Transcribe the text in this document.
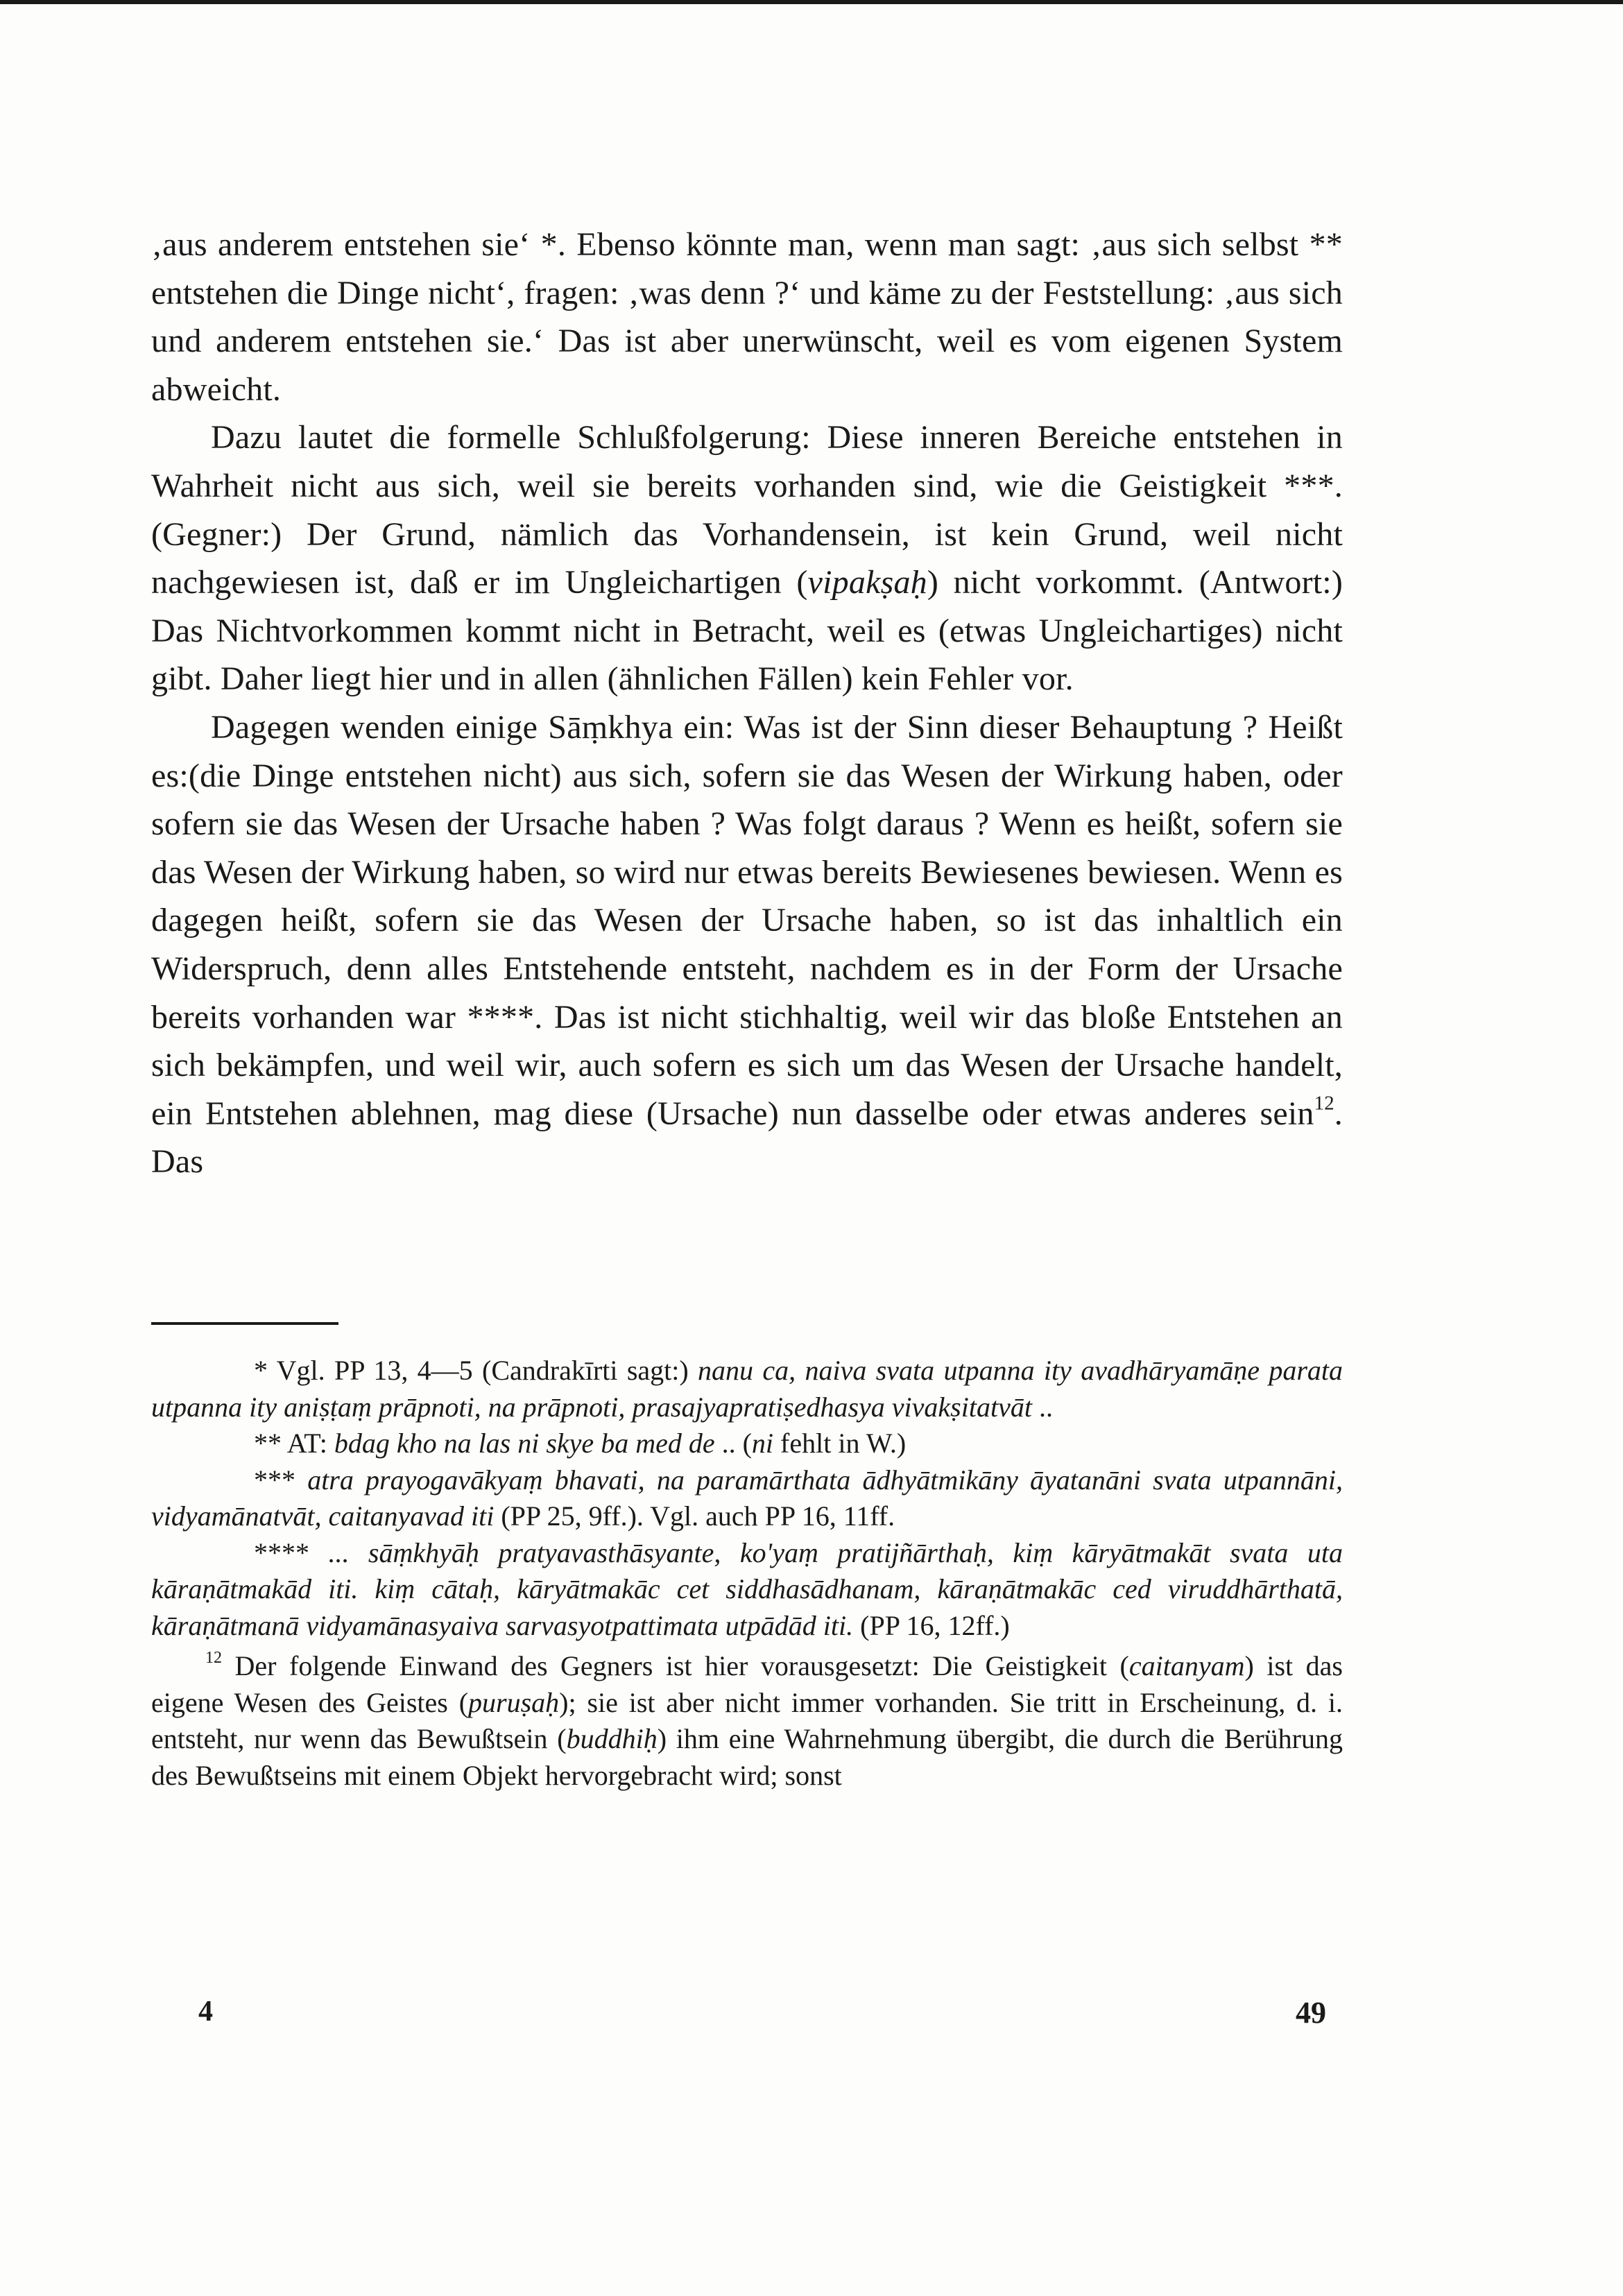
‚aus anderem entstehen sie‘ *. Ebenso könnte man, wenn man sagt: ‚aus sich selbst ** entstehen die Dinge nicht‘, fragen: ‚was denn ?‘ und käme zu der Feststellung: ‚aus sich und anderem entstehen sie.‘ Das ist aber unerwünscht, weil es vom eigenen System abweicht.

Dazu lautet die formelle Schlußfolgerung: Diese inneren Bereiche entstehen in Wahrheit nicht aus sich, weil sie bereits vorhanden sind, wie die Geistigkeit ***. (Gegner:) Der Grund, nämlich das Vorhandensein, ist kein Grund, weil nicht nachgewiesen ist, daß er im Ungleichartigen (vipakṣaḥ) nicht vorkommt. (Antwort:) Das Nichtvorkommen kommt nicht in Betracht, weil es (etwas Ungleichartiges) nicht gibt. Daher liegt hier und in allen (ähnlichen Fällen) kein Fehler vor.

Dagegen wenden einige Sāṃkhya ein: Was ist der Sinn dieser Behauptung ? Heißt es:(die Dinge entstehen nicht) aus sich, sofern sie das Wesen der Wirkung haben, oder sofern sie das Wesen der Ursache haben ? Was folgt daraus ? Wenn es heißt, sofern sie das Wesen der Wirkung haben, so wird nur etwas bereits Bewiesenes bewiesen. Wenn es dagegen heißt, sofern sie das Wesen der Ursache haben, so ist das inhaltlich ein Widerspruch, denn alles Entstehende entsteht, nachdem es in der Form der Ursache bereits vorhanden war ****. Das ist nicht stichhaltig, weil wir das bloße Entstehen an sich bekämpfen, und weil wir, auch sofern es sich um das Wesen der Ursache handelt, ein Entstehen ablehnen, mag diese (Ursache) nun dasselbe oder etwas anderes sein$^{12}$. Das

* Vgl. PP 13, 4—5 (Candrakīrti sagt:) nanu ca, naiva svata utpanna ity avadhāryamāṇe parata utpanna ity aniṣṭaṃ prāpnoti, na prāpnoti, prasajyapratiṣedhasya vivakṣitatvāt ..

** AT: bdag kho na las ni skye ba med de .. (ni fehlt in W.)

*** atra prayogavākyaṃ bhavati, na paramārthata ādhyātmikāny āyatanāni svata utpannāni, vidyamānatvāt, caitanyavad iti (PP 25, 9ff.). Vgl. auch PP 16, 11ff.

**** ... sāṃkhyāḥ pratyavasthāsyante, ko'yaṃ pratijñārthaḥ, kiṃ kāryātmakāt svata uta kāraṇātmakād iti. kiṃ cātaḥ, kāryātmakāc cet siddhasādhanam, kāraṇātmakāc ced viruddhārthatā, kāraṇātmanā vidyamānasyaiva sarvasyotpattimata utpādād iti. (PP 16, 12ff.)

$^{12}$ Der folgende Einwand des Gegners ist hier vorausgesetzt: Die Geistigkeit (caitanyam) ist das eigene Wesen des Geistes (puruṣaḥ); sie ist aber nicht immer vorhanden. Sie tritt in Erscheinung, d. i. entsteht, nur wenn das Bewußtsein (buddhiḥ) ihm eine Wahrnehmung übergibt, die durch die Berührung des Bewußtseins mit einem Objekt hervorgebracht wird; sonst

4	49
